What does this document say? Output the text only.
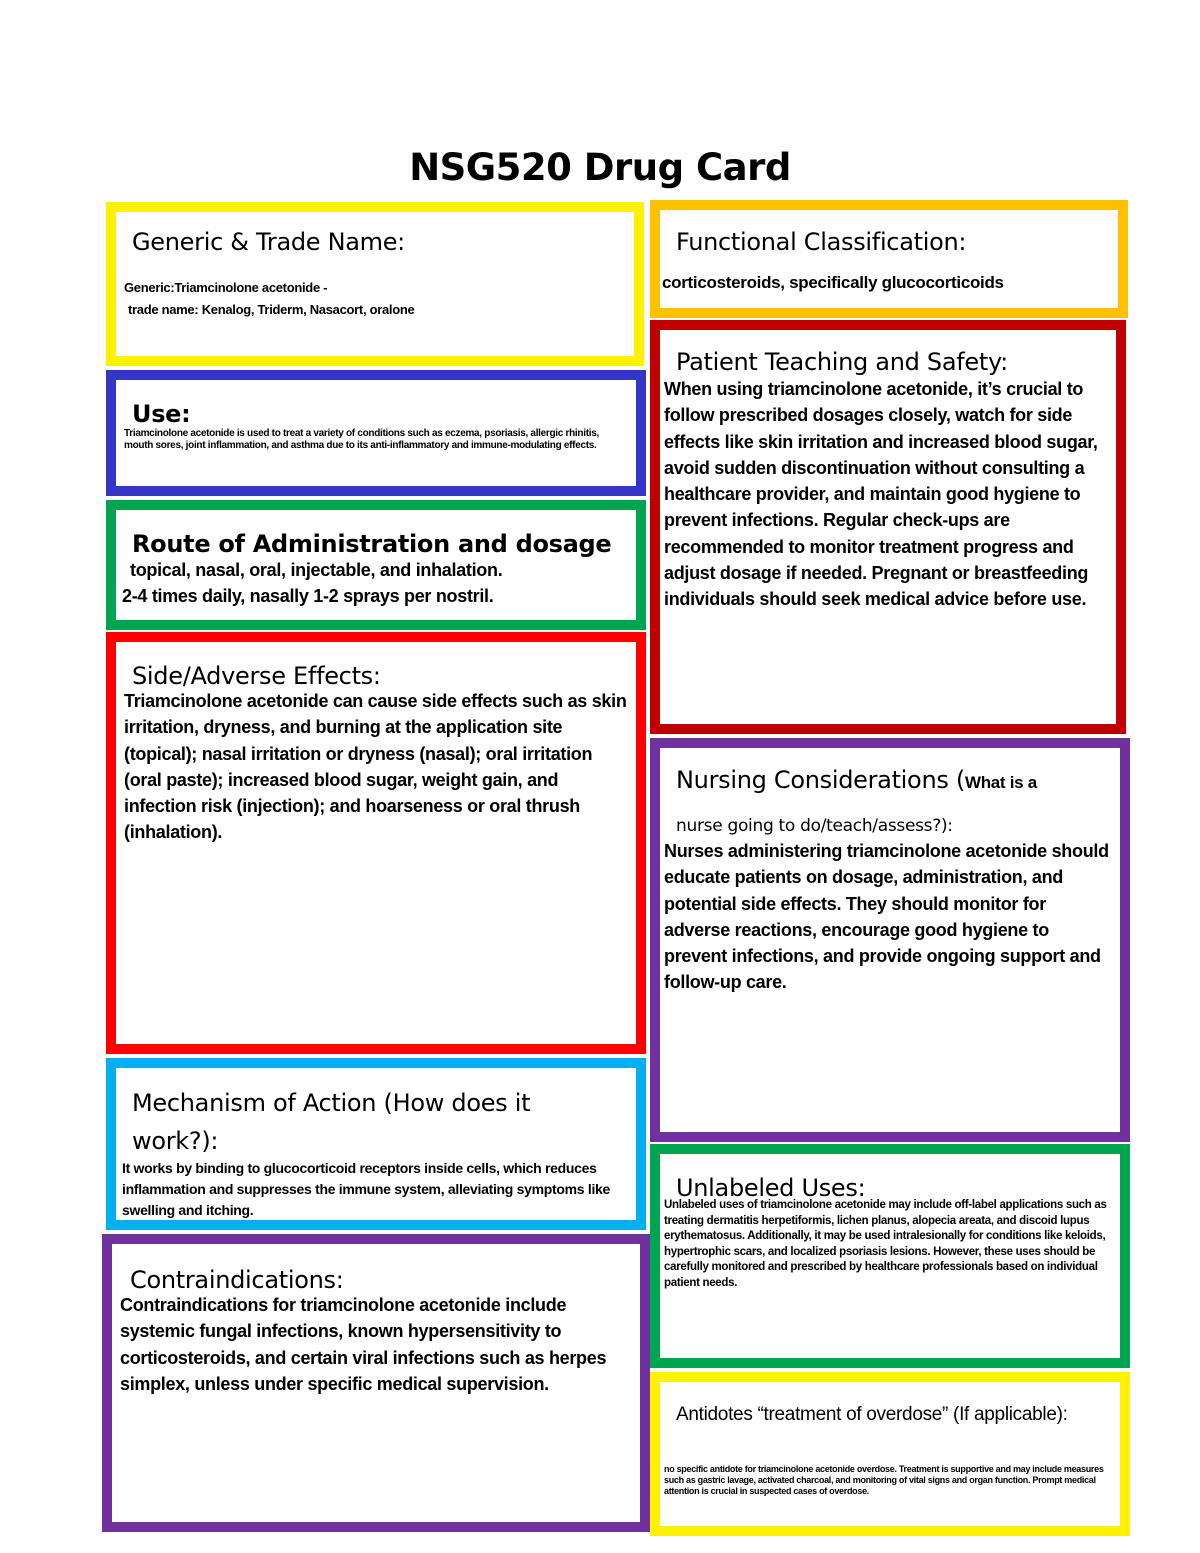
NSG520 Drug Card
Generic & Trade Name:
Generic:Triamcinolone acetonide -
trade name: Kenalog, Triderm, Nasacort, oralone
Functional Classification:
corticosteroids, specifically glucocorticoids
Use:
Triamcinolone acetonide is used to treat a variety of conditions such as eczema, psoriasis, allergic rhinitis, mouth sores, joint inflammation, and asthma due to its anti-inflammatory and immune-modulating effects.
Patient Teaching and Safety:
When using triamcinolone acetonide, it’s crucial to follow prescribed dosages closely, watch for side effects like skin irritation and increased blood sugar, avoid sudden discontinuation without consulting a healthcare provider, and maintain good hygiene to prevent infections. Regular check-ups are recommended to monitor treatment progress and adjust dosage if needed. Pregnant or breastfeeding individuals should seek medical advice before use.
Route of Administration and dosage
topical, nasal, oral, injectable, and inhalation.
2-4 times daily, nasally 1-2 sprays per nostril.
Side/Adverse Effects:
Triamcinolone acetonide can cause side effects such as skin irritation, dryness, and burning at the application site (topical); nasal irritation or dryness (nasal); oral irritation (oral paste); increased blood sugar, weight gain, and infection risk (injection); and hoarseness or oral thrush (inhalation).
Nursing Considerations (What is a
nurse going to do/teach/assess?):
Nurses administering triamcinolone acetonide should educate patients on dosage, administration, and potential side effects. They should monitor for adverse reactions, encourage good hygiene to prevent infections, and provide ongoing support and follow-up care.
Mechanism of Action (How does it work?):
It works by binding to glucocorticoid receptors inside cells, which reduces inflammation and suppresses the immune system, alleviating symptoms like swelling and itching.
Unlabeled Uses:
Unlabeled uses of triamcinolone acetonide may include off-label applications such as treating dermatitis herpetiformis, lichen planus, alopecia areata, and discoid lupus erythematosus. Additionally, it may be used intralesionally for conditions like keloids, hypertrophic scars, and localized psoriasis lesions. However, these uses should be carefully monitored and prescribed by healthcare professionals based on individual patient needs.
Contraindications:
Contraindications for triamcinolone acetonide include systemic fungal infections, known hypersensitivity to corticosteroids, and certain viral infections such as herpes simplex, unless under specific medical supervision.
Antidotes “treatment of overdose” (If applicable):
no specific antidote for triamcinolone acetonide overdose. Treatment is supportive and may include measures such as gastric lavage, activated charcoal, and monitoring of vital signs and organ function. Prompt medical attention is crucial in suspected cases of overdose.
